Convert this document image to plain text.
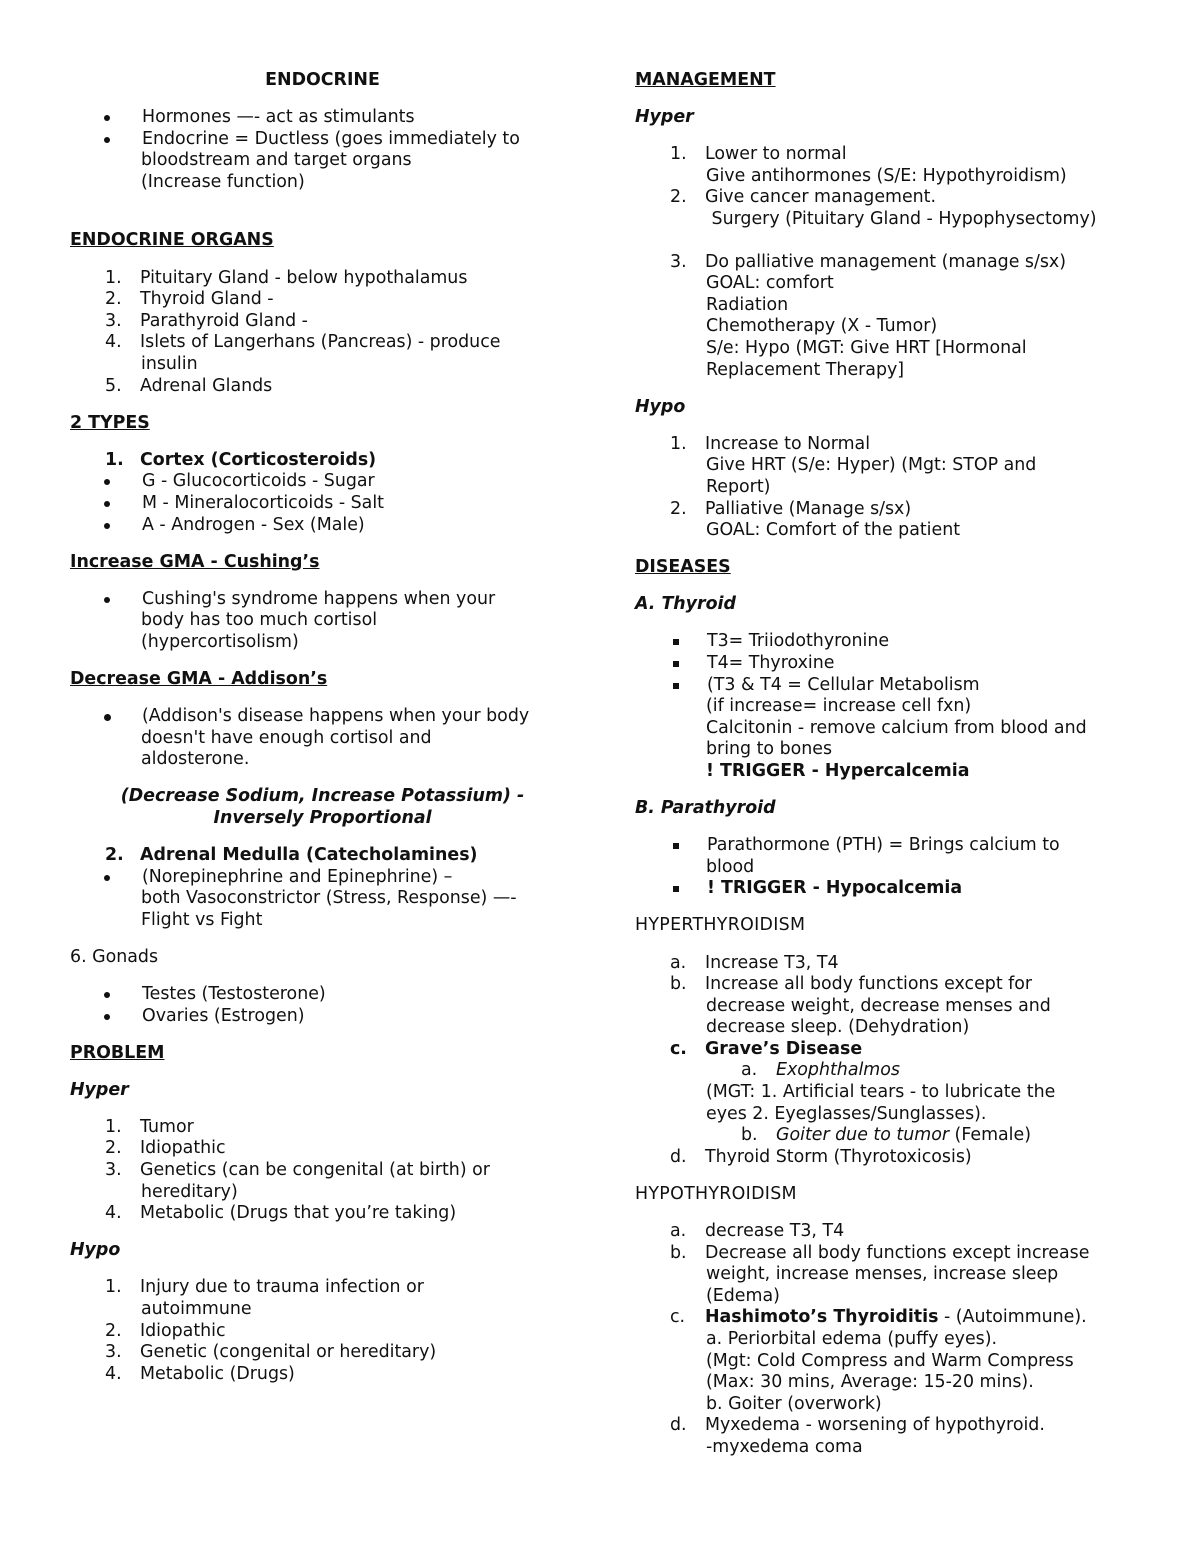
ENDOCRINE
Hormones —- act as stimulants
Endocrine = Ductless (goes immediately to
bloodstream and target organs
(Increase function)
ENDOCRINE ORGANS
1.	Pituitary Gland - below hypothalamus
2.	Thyroid Gland -
3.	Parathyroid Gland -
4.	Islets of Langerhans (Pancreas) - produce
insulin
5.	Adrenal Glands
2 TYPES
1. Cortex (Corticosteroids)
G - Glucocorticoids - Sugar
M - Mineralocorticoids - Salt
A - Androgen - Sex (Male)
Increase GMA - Cushing’s
Cushing's syndrome happens when your
body has too much cortisol
(hypercortisolism)
Decrease GMA - Addison’s
(Addison's disease happens when your body
doesn't have enough cortisol and
aldosterone.
(Decrease Sodium, Increase Potassium) -
Inversely Proportional
2. Adrenal Medulla (Catecholamines)
(Norepinephrine and Epinephrine) –
both Vasoconstrictor (Stress, Response) —-
Flight vs Fight
6. Gonads
Testes (Testosterone)
Ovaries (Estrogen)
PROBLEM
Hyper
1.	Tumor
2.	Idiopathic
3.	Genetics (can be congenital (at birth) or
hereditary)
4.	Metabolic (Drugs that you’re taking)
Hypo
1.	Injury due to trauma infection or
autoimmune
2.	Idiopathic
3.	Genetic (congenital or hereditary)
4.	Metabolic (Drugs)
MANAGEMENT
Hyper
1.	Lower to normal
Give antihormones (S/E: Hypothyroidism)
2.	Give cancer management.
Surgery (Pituitary Gland - Hypophysectomy)
3.	Do palliative management (manage s/sx)
GOAL: comfort
Radiation
Chemotherapy (X - Tumor)
S/e: Hypo (MGT: Give HRT [Hormonal
Replacement Therapy]
Hypo
1.	Increase to Normal
Give HRT (S/e: Hyper) (Mgt: STOP and
Report)
2.	Palliative (Manage s/sx)
GOAL: Comfort of the patient
DISEASES
A. Thyroid
T3= Triiodothyronine
T4= Thyroxine
(T3 & T4 = Cellular Metabolism
(if increase= increase cell fxn)
Calcitonin - remove calcium from blood and
bring to bones
! TRIGGER - Hypercalcemia
B. Parathyroid
Parathormone (PTH) = Brings calcium to
blood
! TRIGGER - Hypocalcemia
HYPERTHYROIDISM
a.	Increase T3, T4
b.	Increase all body functions except for
decrease weight, decrease menses and
decrease sleep. (Dehydration)
c.	Grave’s Disease
a.	Exophthalmos
(MGT: 1. Artificial tears - to lubricate the
eyes 2. Eyeglasses/Sunglasses).
b.	Goiter due to tumor (Female)
d.	Thyroid Storm (Thyrotoxicosis)
HYPOTHYROIDISM
a.	decrease T3, T4
b.	Decrease all body functions except increase
weight, increase menses, increase sleep
(Edema)
c.	Hashimoto’s Thyroiditis - (Autoimmune).
a. Periorbital edema (puffy eyes).
(Mgt: Cold Compress and Warm Compress
(Max: 30 mins, Average: 15-20 mins).
b. Goiter (overwork)
d.	Myxedema - worsening of hypothyroid.
-myxedema coma
